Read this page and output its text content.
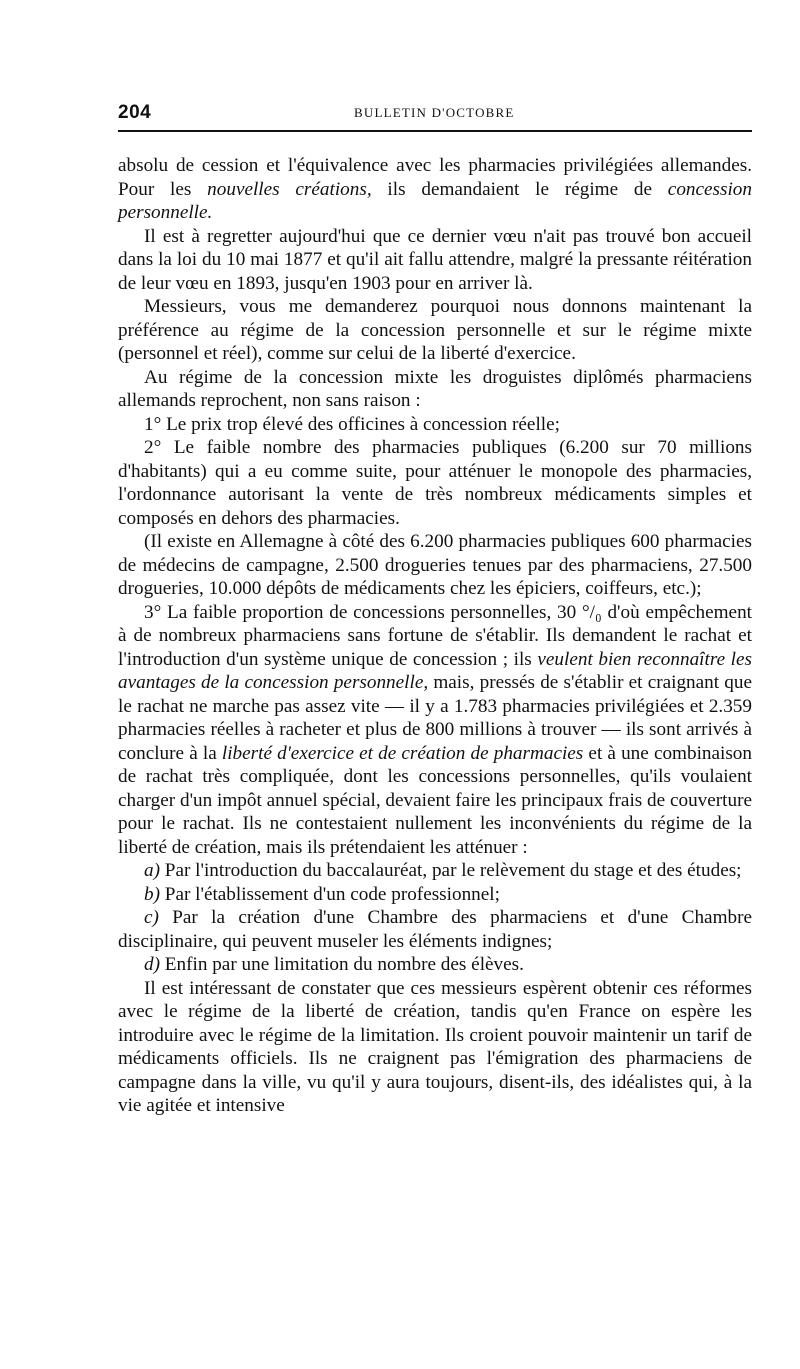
204	BULLETIN D'OCTOBRE

absolu de cession et l'équivalence avec les pharmacies privilégiées allemandes. Pour les nouvelles créations, ils demandaient le régime de concession personnelle.

Il est à regretter aujourd'hui que ce dernier vœu n'ait pas trouvé bon accueil dans la loi du 10 mai 1877 et qu'il ait fallu attendre, malgré la pressante réitération de leur vœu en 1893, jusqu'en 1903 pour en arriver là.

Messieurs, vous me demanderez pourquoi nous donnons maintenant la préférence au régime de la concession personnelle et sur le régime mixte (personnel et réel), comme sur celui de la liberté d'exercice.

Au régime de la concession mixte les droguistes diplômés pharmaciens allemands reprochent, non sans raison :

1° Le prix trop élevé des officines à concession réelle;

2° Le faible nombre des pharmacies publiques (6.200 sur 70 millions d'habitants) qui a eu comme suite, pour atténuer le monopole des pharmacies, l'ordonnance autorisant la vente de très nombreux médicaments simples et composés en dehors des pharmacies.

(Il existe en Allemagne à côté des 6.200 pharmacies publiques 600 pharmacies de médecins de campagne, 2.500 drogueries tenues par des pharmaciens, 27.500 drogueries, 10.000 dépôts de médicaments chez les épiciers, coiffeurs, etc.);

3° La faible proportion de concessions personnelles, 30 °/₀ d'où empêchement à de nombreux pharmaciens sans fortune de s'établir. Ils demandent le rachat et l'introduction d'un système unique de concession ; ils veulent bien reconnaître les avantages de la concession personnelle, mais, pressés de s'établir et craignant que le rachat ne marche pas assez vite — il y a 1.783 pharmacies privilégiées et 2.359 pharmacies réelles à racheter et plus de 800 millions à trouver — ils sont arrivés à conclure à la liberté d'exercice et de création de pharmacies et à une combinaison de rachat très compliquée, dont les concessions personnelles, qu'ils voulaient charger d'un impôt annuel spécial, devaient faire les principaux frais de couverture pour le rachat. Ils ne contestaient nullement les inconvénients du régime de la liberté de création, mais ils prétendaient les atténuer :

a) Par l'introduction du baccalauréat, par le relèvement du stage et des études;

b) Par l'établissement d'un code professionnel;

c) Par la création d'une Chambre des pharmaciens et d'une Chambre disciplinaire, qui peuvent museler les éléments indignes;

d) Enfin par une limitation du nombre des élèves.

Il est intéressant de constater que ces messieurs espèrent obtenir ces réformes avec le régime de la liberté de création, tandis qu'en France on espère les introduire avec le régime de la limitation. Ils croient pouvoir maintenir un tarif de médicaments officiels. Ils ne craignent pas l'émigration des pharmaciens de campagne dans la ville, vu qu'il y aura toujours, disent-ils, des idéalistes qui, à la vie agitée et intensive
